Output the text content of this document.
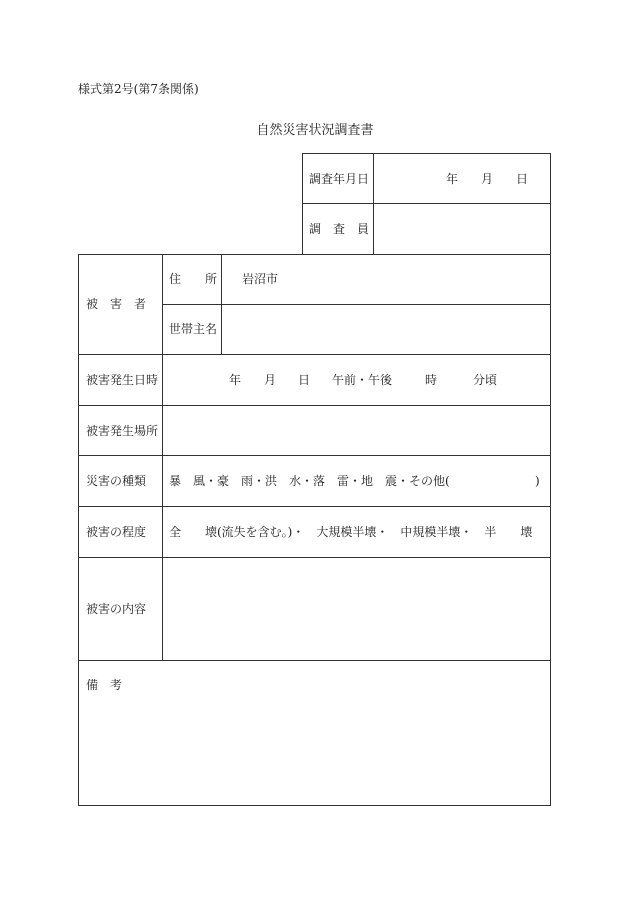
様式第2号(第7条関係)
自然災害状況調査書
調査年月日	年 月 日
調　査　員
被　害　者
住　　所 岩沼市
世帯主名
被害発生日時	年 月 日 午前・午後	時	分頃
被害発生場所
災害の種類 暴　風・豪　雨・洪　水・落　雷・地　震・その他(	)
被害の程度 全　　壊(流失を含む。)・　大規模半壊・　中規模半壊・　半　　壊
被害の内容
備　考
